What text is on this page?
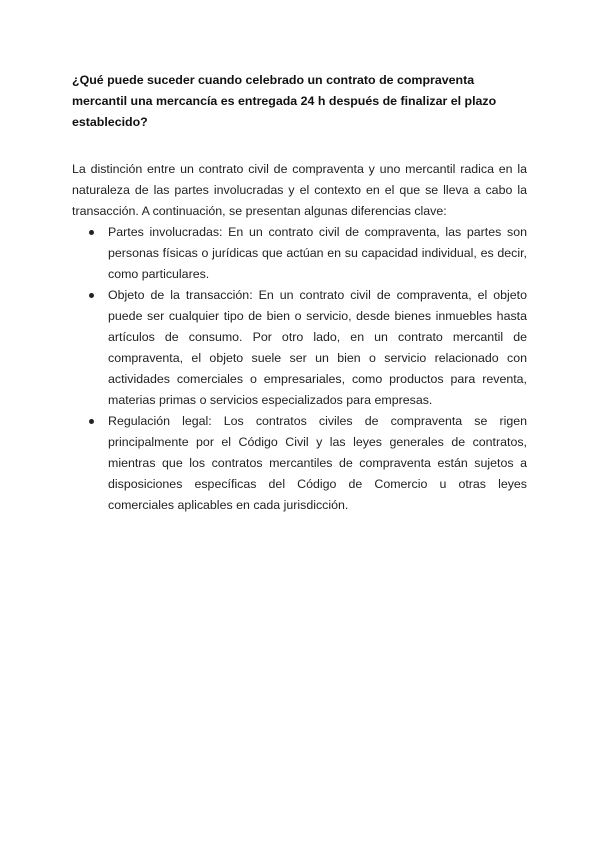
¿Qué puede suceder cuando celebrado un contrato de compraventa mercantil una mercancía es entregada 24 h después de finalizar el plazo establecido?

La distinción entre un contrato civil de compraventa y uno mercantil radica en la naturaleza de las partes involucradas y el contexto en el que se lleva a cabo la transacción. A continuación, se presentan algunas diferencias clave:

Partes involucradas: En un contrato civil de compraventa, las partes son personas físicas o jurídicas que actúan en su capacidad individual, es decir, como particulares.
Objeto de la transacción: En un contrato civil de compraventa, el objeto puede ser cualquier tipo de bien o servicio, desde bienes inmuebles hasta artículos de consumo. Por otro lado, en un contrato mercantil de compraventa, el objeto suele ser un bien o servicio relacionado con actividades comerciales o empresariales, como productos para reventa, materias primas o servicios especializados para empresas.
Regulación legal: Los contratos civiles de compraventa se rigen principalmente por el Código Civil y las leyes generales de contratos, mientras que los contratos mercantiles de compraventa están sujetos a disposiciones específicas del Código de Comercio u otras leyes comerciales aplicables en cada jurisdicción.
